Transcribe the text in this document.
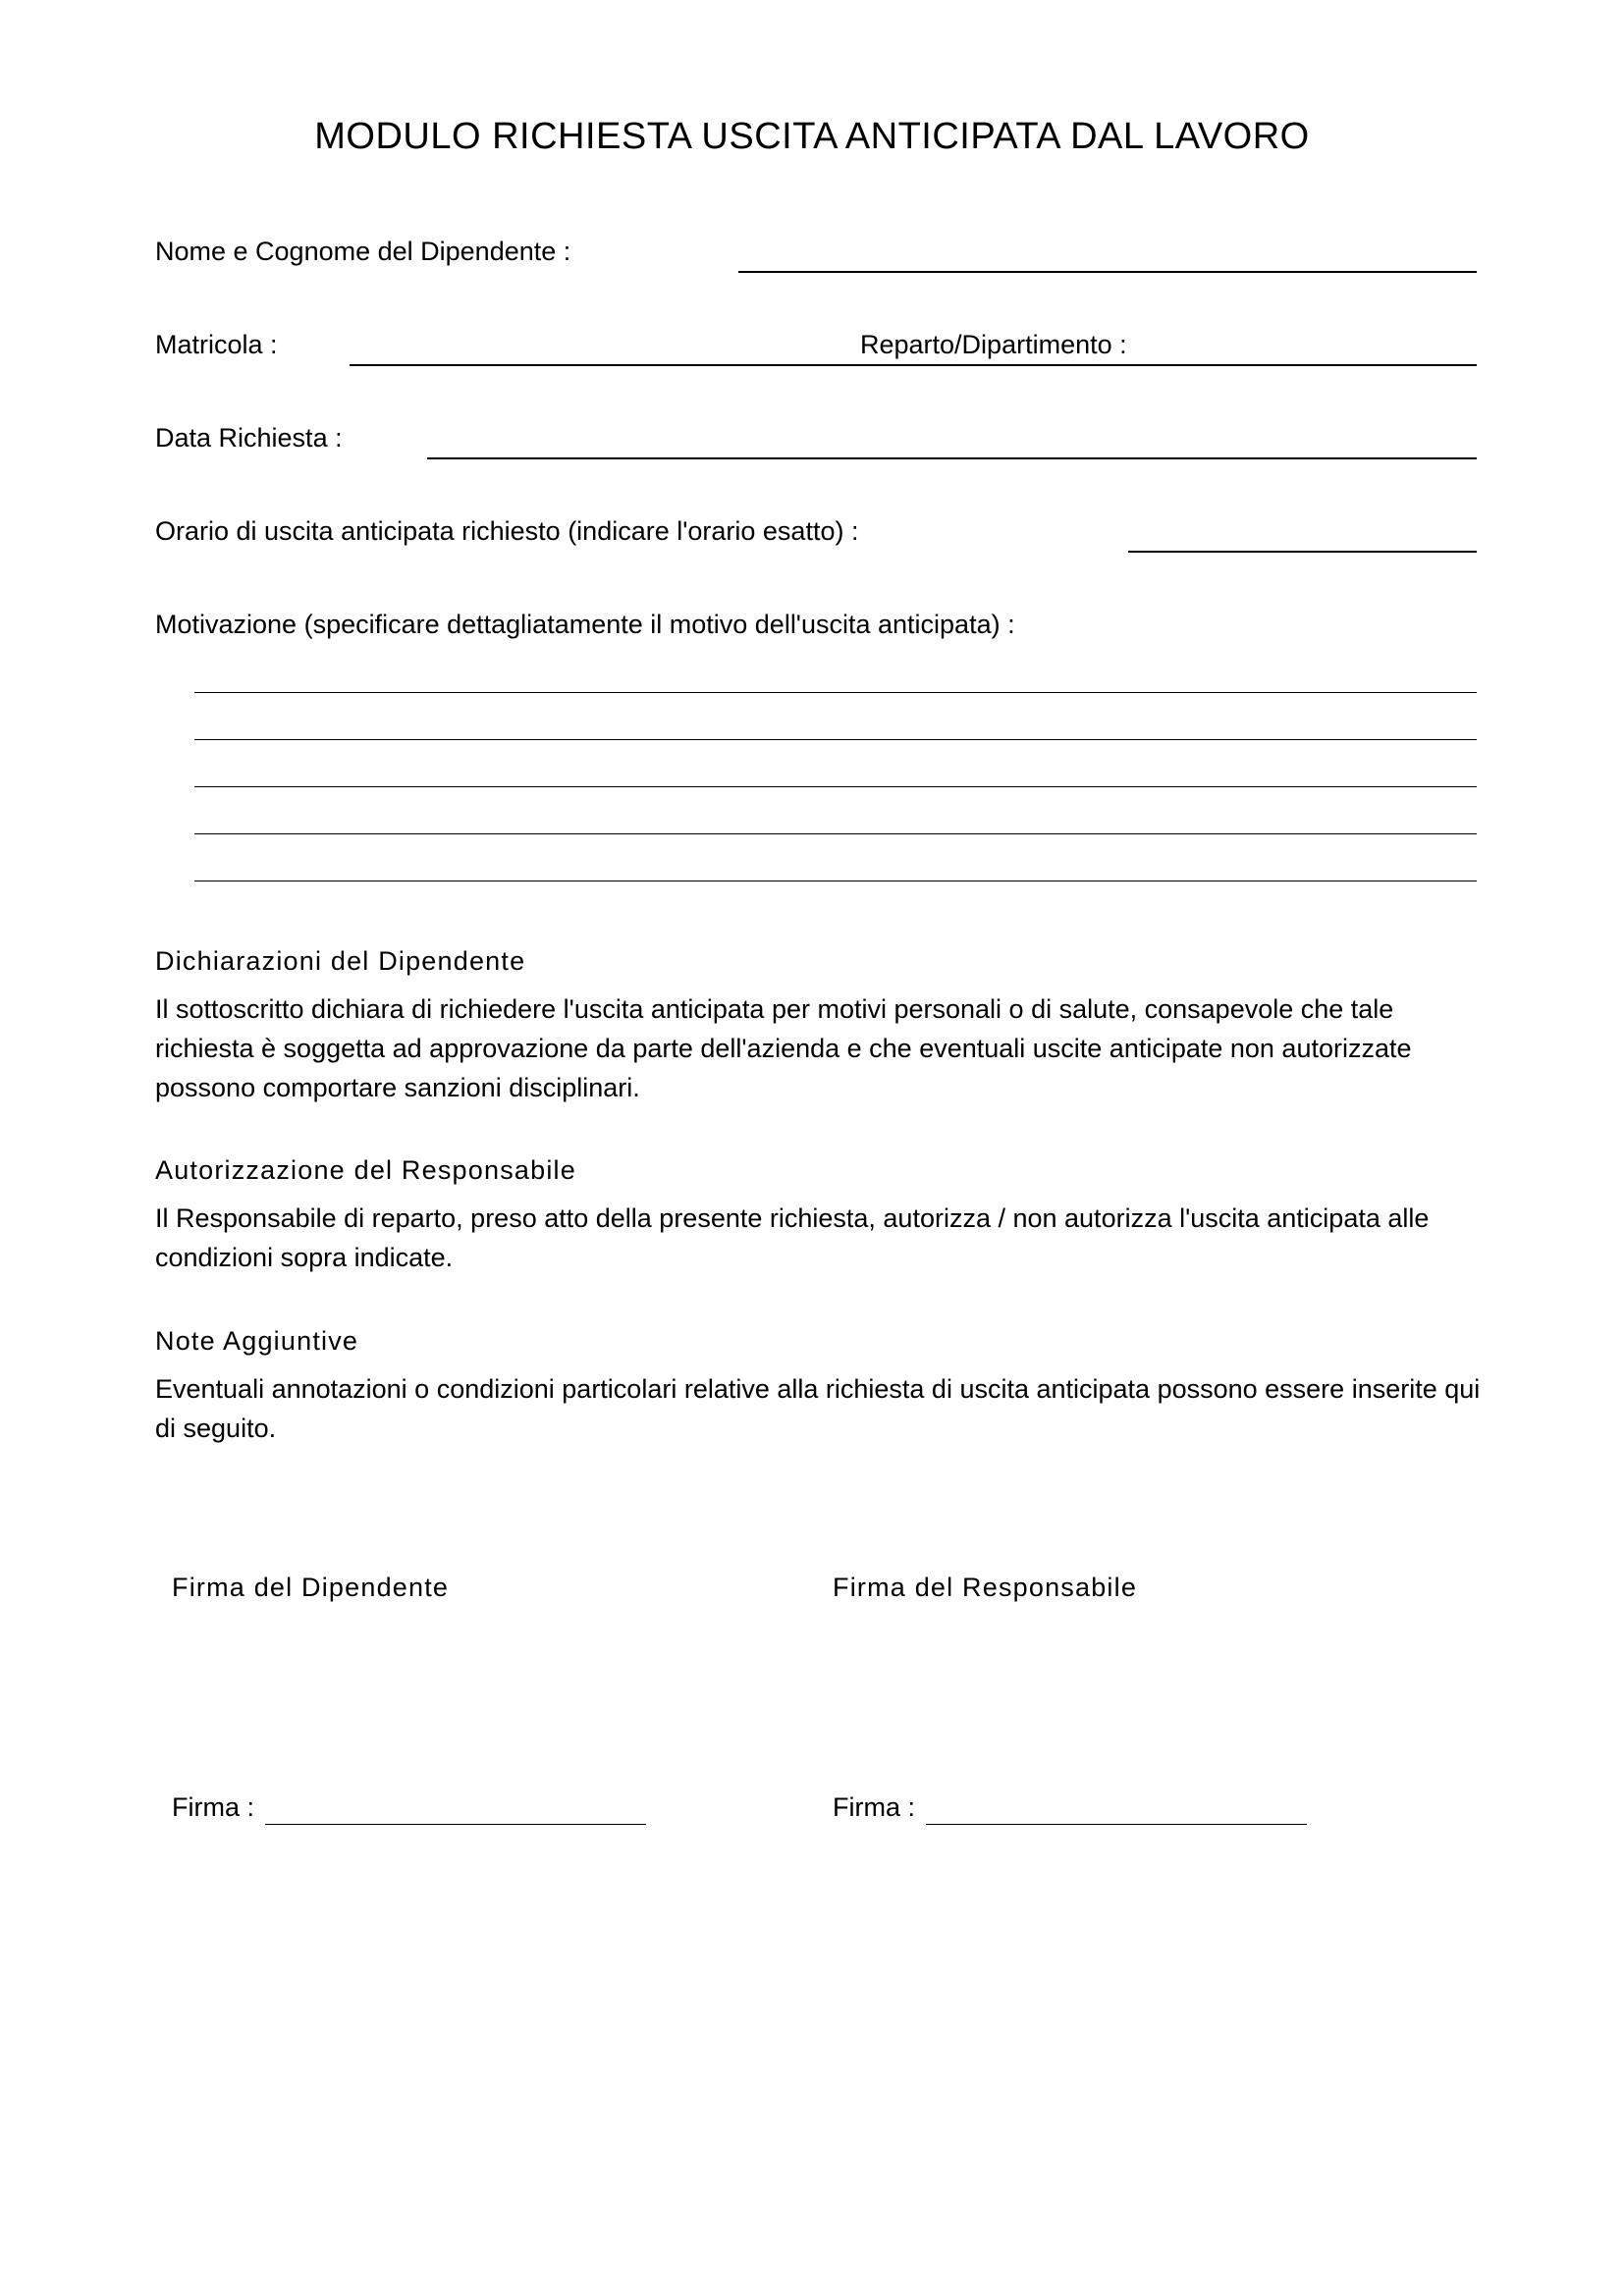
MODULO RICHIESTA USCITA ANTICIPATA DAL LAVORO
Nome e Cognome del Dipendente :
Matricola :	Reparto/Dipartimento :
Data Richiesta :
Orario di uscita anticipata richiesto (indicare l'orario esatto) :
Motivazione (specificare dettagliatamente il motivo dell'uscita anticipata) :
Dichiarazioni del Dipendente
Il sottoscritto dichiara di richiedere l'uscita anticipata per motivi personali o di salute, consapevole che tale richiesta è soggetta ad approvazione da parte dell'azienda e che eventuali uscite anticipate non autorizzate possono comportare sanzioni disciplinari.
Autorizzazione del Responsabile
Il Responsabile di reparto, preso atto della presente richiesta, autorizza / non autorizza l'uscita anticipata alle condizioni sopra indicate.
Note Aggiuntive
Eventuali annotazioni o condizioni particolari relative alla richiesta di uscita anticipata possono essere inserite qui di seguito.
Firma del Dipendente	Firma del Responsabile
Firma :	Firma :
